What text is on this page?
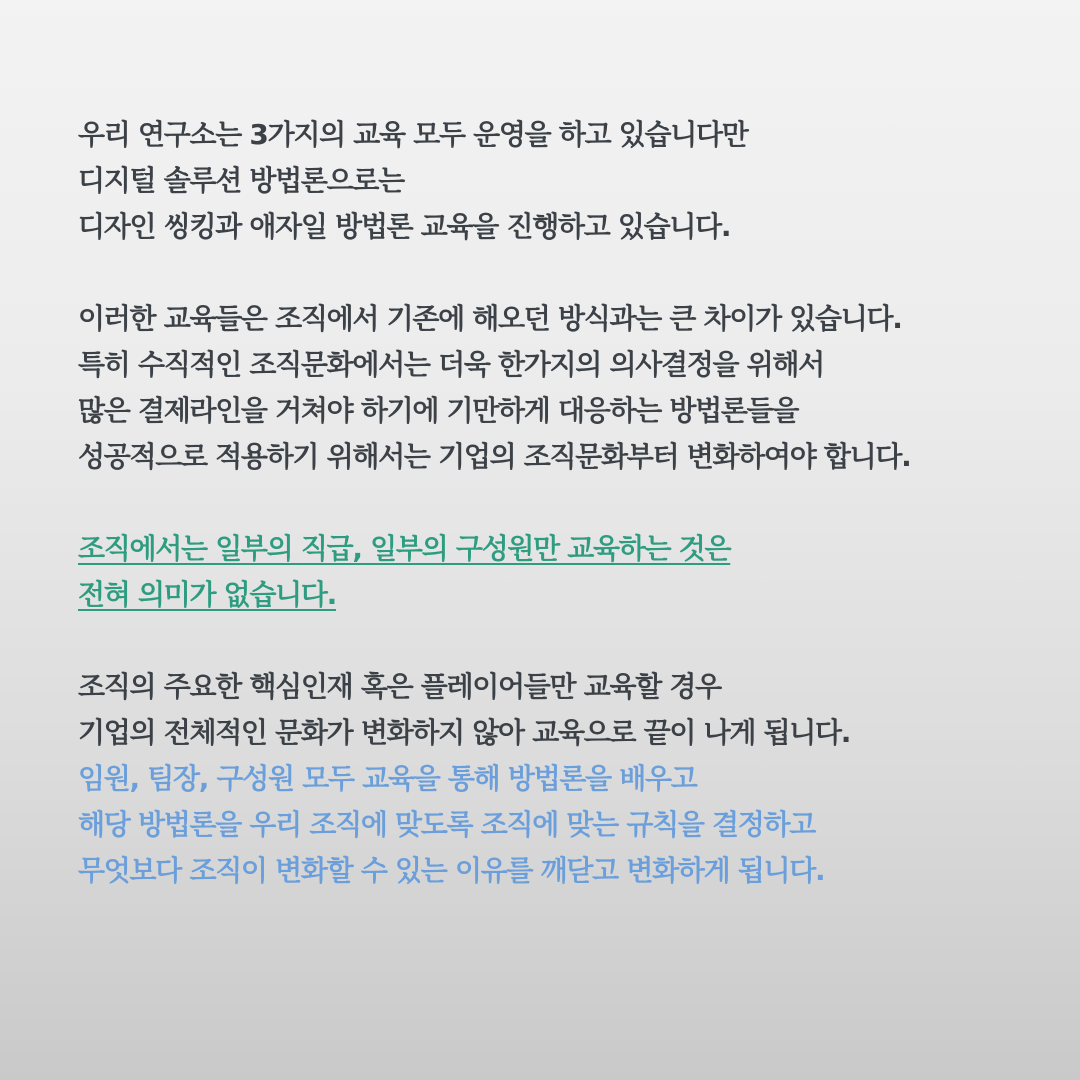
우리 연구소는 3가지의 교육 모두 운영을 하고 있습니다만
디지털 솔루션 방법론으로는
디자인 씽킹과 애자일 방법론 교육을 진행하고 있습니다.
이러한 교육들은 조직에서 기존에 해오던 방식과는 큰 차이가 있습니다.
특히 수직적인 조직문화에서는 더욱 한가지의 의사결정을 위해서
많은 결제라인을 거쳐야 하기에 기만하게 대응하는 방법론들을
성공적으로 적용하기 위해서는 기업의 조직문화부터 변화하여야 합니다.
조직에서는 일부의 직급, 일부의 구성원만 교육하는 것은
전혀 의미가 없습니다.
조직의 주요한 핵심인재 혹은 플레이어들만 교육할 경우
기업의 전체적인 문화가 변화하지 않아 교육으로 끝이 나게 됩니다.
임원, 팀장, 구성원 모두 교육을 통해 방법론을 배우고
해당 방법론을 우리 조직에 맞도록 조직에 맞는 규칙을 결정하고
무엇보다 조직이 변화할 수 있는 이유를 깨닫고 변화하게 됩니다.
